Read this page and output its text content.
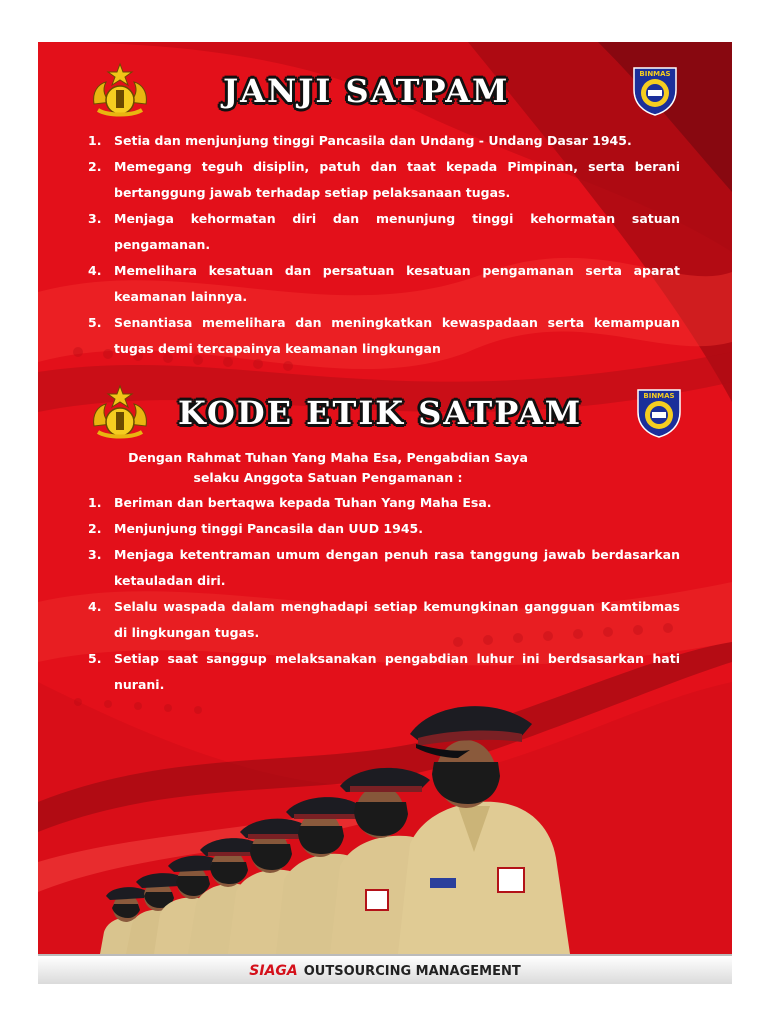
BINMAS
JANJI SATPAM
1. Setia dan menjunjung tinggi Pancasila dan Undang - Undang Dasar 1945.
2. Memegang teguh disiplin, patuh dan taat kepada Pimpinan, serta berani bertanggung jawab terhadap setiap pelaksanaan tugas.
3. Menjaga kehormatan diri dan menunjung tinggi kehormatan satuan pengamanan.
4. Memelihara kesatuan dan persatuan kesatuan pengamanan serta aparat keamanan lainnya.
5. Senantiasa memelihara dan meningkatkan kewaspadaan serta kemampuan tugas demi tercapainya keamanan lingkungan
BINMAS
KODE ETIK SATPAM
Dengan Rahmat Tuhan Yang Maha Esa, Pengabdian Saya
selaku Anggota Satuan Pengamanan :
1. Beriman dan bertaqwa kepada Tuhan Yang Maha Esa.
2. Menjunjung tinggi Pancasila dan UUD 1945.
3. Menjaga ketentraman umum dengan penuh rasa tanggung jawab berdasarkan ketauladan diri.
4. Selalu waspada dalam menghadapi setiap kemungkinan gangguan Kamtibmas di lingkungan tugas.
5. Setiap saat sanggup melaksanakan pengabdian luhur ini berdsasarkan hati nurani.
SIAGA OUTSOURCING MANAGEMENT
